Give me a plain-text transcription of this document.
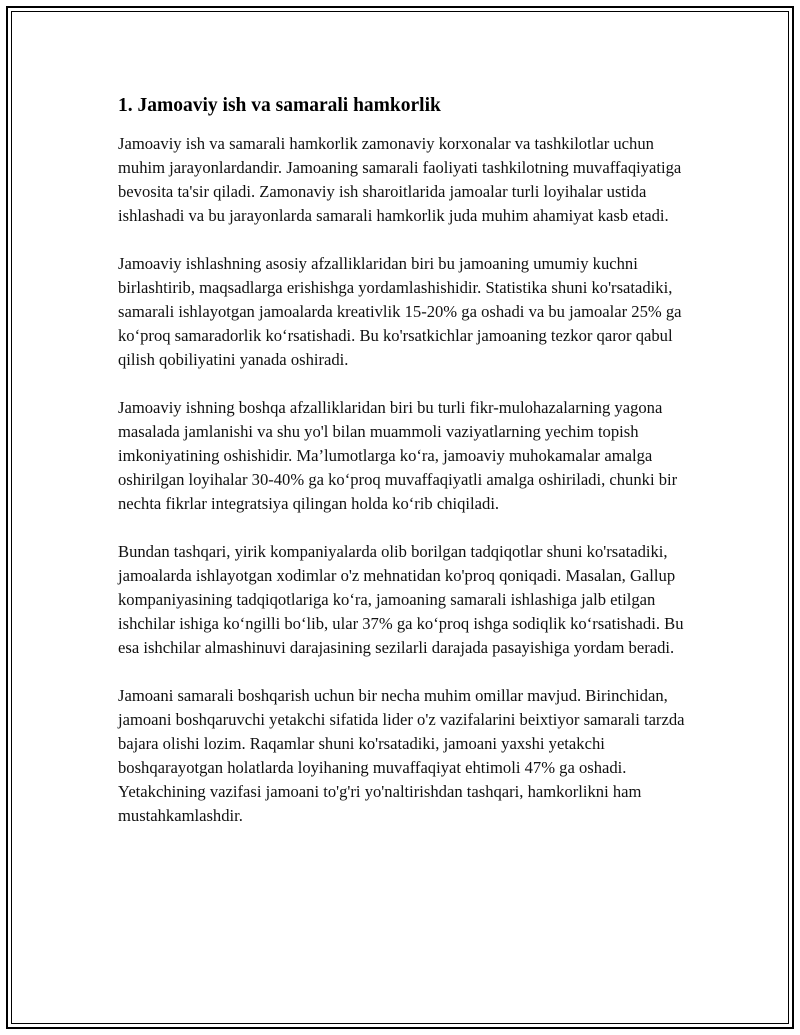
1. Jamoaviy ish va samarali hamkorlik

Jamoaviy ish va samarali hamkorlik zamonaviy korxonalar va tashkilotlar uchun muhim jarayonlardandir. Jamoaning samarali faoliyati tashkilotning muvaffaqiyatiga bevosita ta'sir qiladi. Zamonaviy ish sharoitlarida jamoalar turli loyihalar ustida ishlashadi va bu jarayonlarda samarali hamkorlik juda muhim ahamiyat kasb etadi.

Jamoaviy ishlashning asosiy afzalliklaridan biri bu jamoaning umumiy kuchni birlashtirib, maqsadlarga erishishga yordamlashishidir. Statistika shuni ko'rsatadiki, samarali ishlayotgan jamoalarda kreativlik 15-20% ga oshadi va bu jamoalar 25% ga ko‘proq samaradorlik ko‘rsatishadi. Bu ko'rsatkichlar jamoaning tezkor qaror qabul qilish qobiliyatini yanada oshiradi.

Jamoaviy ishning boshqa afzalliklaridan biri bu turli fikr-mulohazalarning yagona masalada jamlanishi va shu yo'l bilan muammoli vaziyatlarning yechim topish imkoniyatining oshishidir. Ma’lumotlarga ko‘ra, jamoaviy muhokamalar amalga oshirilgan loyihalar 30-40% ga ko‘proq muvaffaqiyatli amalga oshiriladi, chunki bir nechta fikrlar integratsiya qilingan holda ko‘rib chiqiladi.

Bundan tashqari, yirik kompaniyalarda olib borilgan tadqiqotlar shuni ko'rsatadiki, jamoalarda ishlayotgan xodimlar o'z mehnatidan ko'proq qoniqadi. Masalan, Gallup kompaniyasining tadqiqotlariga ko‘ra, jamoaning samarali ishlashiga jalb etilgan ishchilar ishiga ko‘ngilli bo‘lib, ular 37% ga ko‘proq ishga sodiqlik ko‘rsatishadi. Bu esa ishchilar almashinuvi darajasining sezilarli darajada pasayishiga yordam beradi.

Jamoani samarali boshqarish uchun bir necha muhim omillar mavjud. Birinchidan, jamoani boshqaruvchi yetakchi sifatida lider o'z vazifalarini beixtiyor samarali tarzda bajara olishi lozim. Raqamlar shuni ko'rsatadiki, jamoani yaxshi yetakchi boshqarayotgan holatlarda loyihaning muvaffaqiyat ehtimoli 47% ga oshadi. Yetakchining vazifasi jamoani to'g'ri yo'naltirishdan tashqari, hamkorlikni ham mustahkamlashdir.
